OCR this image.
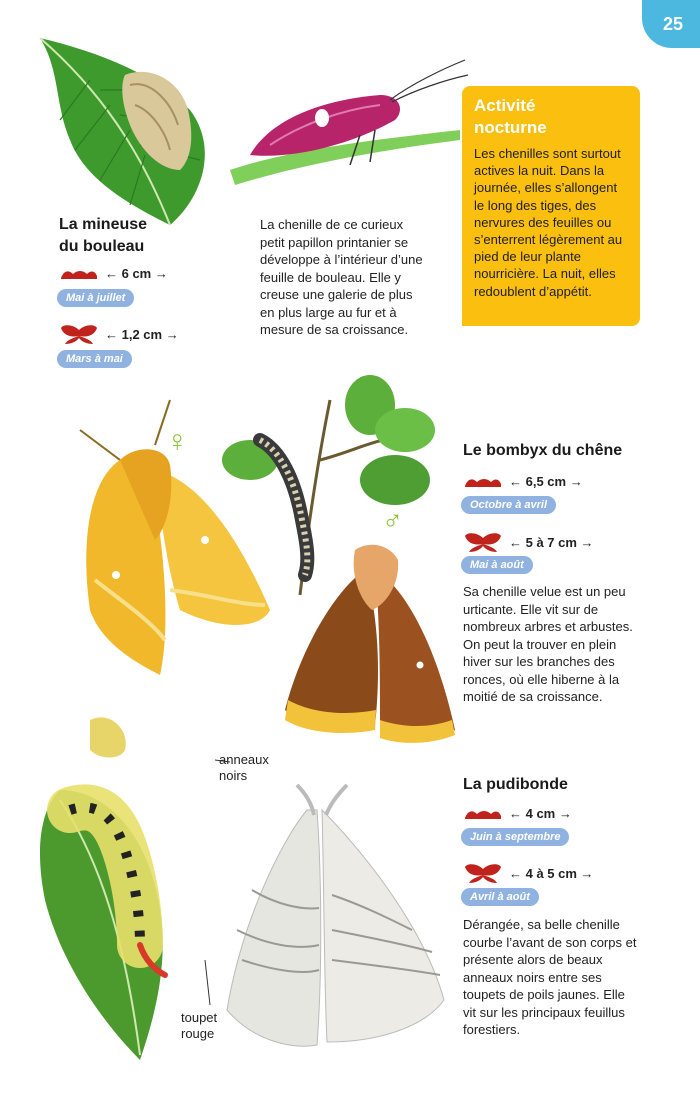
25
♀
♂
La mineuse
du bouleau
← 6 cm →
Mai à juillet
← 1,2 cm →
Mars à mai
La chenille de ce curieux petit papillon printanier se développe à l’intérieur d’une feuille de bouleau. Elle y creuse une galerie de plus en plus large au fur et à mesure de sa croissance.
Activité nocturne
Les chenilles sont surtout actives la nuit. Dans la journée, elles s’allongent le long des tiges, des nervures des feuilles ou s’enterrent légèrement au pied de leur plante nourricière. La nuit, elles redoublent d’appétit.
Le bombyx du chêne
← 6,5 cm →
Octobre à avril
← 5 à 7 cm →
Mai à août
Sa chenille velue est un peu urticante. Elle vit sur de nombreux arbres et arbustes. On peut la trouver en plein hiver sur les branches des ronces, où elle hiberne à la moitié de sa croissance.
La pudibonde
← 4 cm →
Juin à septembre
← 4 à 5 cm →
Avril à août
Dérangée, sa belle chenille courbe l’avant de son corps et présente alors de beaux anneaux noirs entre ses toupets de poils jaunes. Elle vit sur les principaux feuillus forestiers.
anneaux noirs
toupet rouge
